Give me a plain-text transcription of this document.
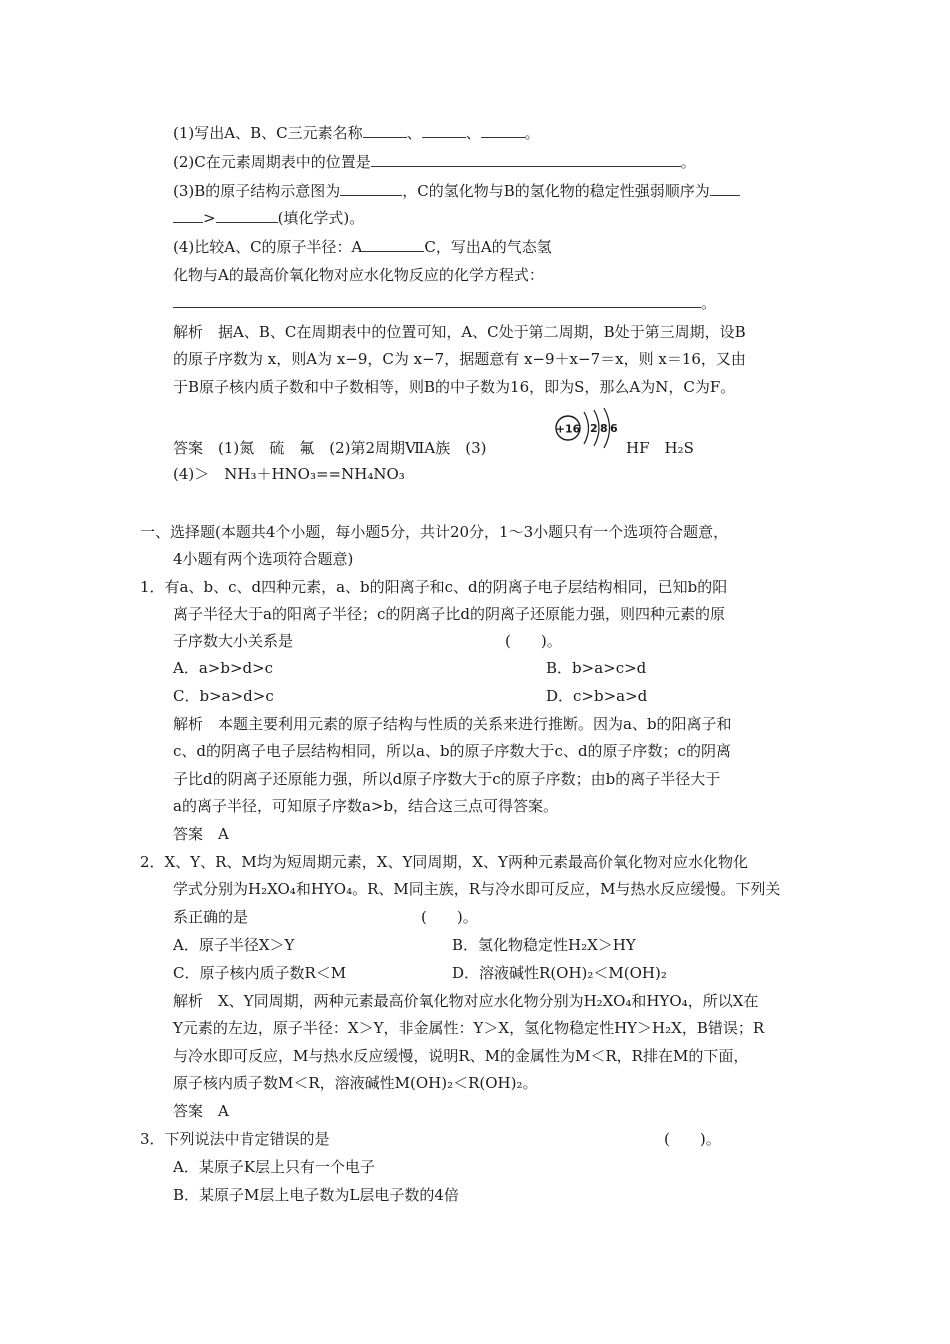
(1)写出A、B、C三元素名称	、	、	。
(2)C在元素周期表中的位置是	。
(3)B的原子结构示意图为	，C的氢化物与B的氢化物的稳定性强弱顺序为
>	(填化学式)。
(4)比较A、C的原子半径：A	C，写出A的气态氢
化物与A的最高价氧化物对应水化物反应的化学方程式：
。
解析　据A、B、C在周期表中的位置可知，A、C处于第二周期，B处于第三周期，设B
的原子序数为 x，则A为 x−9，C为 x−7，据题意有 x−9＋x−7＝x，则 x＝16，又由
于B原子核内质子数和中子数相等，则B的中子数为16，即为S，那么A为N，C为F。
答案　(1)氮　硫　氟　(2)第2周期ⅦA族　(3)
+16 2 8 6
HF　H₂S
(4)＞　NH₃＋HNO₃==NH₄NO₃
一、选择题(本题共4个小题，每小题5分，共计20分，1～3小题只有一个选项符合题意，
4小题有两个选项符合题意)
1．有a、b、c、d四种元素，a、b的阳离子和c、d的阴离子电子层结构相同，已知b的阳
离子半径大于a的阳离子半径；c的阴离子比d的阴离子还原能力强，则四种元素的原
子序数大小关系是	(　　)。
A．a>b>d>c	B．b>a>c>d
C．b>a>d>c	D．c>b>a>d
解析　本题主要利用元素的原子结构与性质的关系来进行推断。因为a、b的阳离子和
c、d的阴离子电子层结构相同，所以a、b的原子序数大于c、d的原子序数；c的阴离
子比d的阴离子还原能力强，所以d原子序数大于c的原子序数；由b的离子半径大于
a的离子半径，可知原子序数a>b，结合这三点可得答案。
答案　A
2．X、Y、R、M均为短周期元素，X、Y同周期，X、Y两种元素最高价氧化物对应水化物化
学式分别为H₂XO₄和HYO₄。R、M同主族，R与冷水即可反应，M与热水反应缓慢。下列关
系正确的是	(　　)。
A．原子半径X＞Y	B．氢化物稳定性H₂X＞HY
C．原子核内质子数R＜M	D．溶液碱性R(OH)₂＜M(OH)₂
解析　X、Y同周期，两种元素最高价氧化物对应水化物分别为H₂XO₄和HYO₄，所以X在
Y元素的左边，原子半径：X＞Y，非金属性：Y＞X，氢化物稳定性HY＞H₂X，B错误；R
与冷水即可反应，M与热水反应缓慢，说明R、M的金属性为M＜R，R排在M的下面，
原子核内质子数M＜R，溶液碱性M(OH)₂＜R(OH)₂。
答案　A
3．下列说法中肯定错误的是	(　　)。
A．某原子K层上只有一个电子
B．某原子M层上电子数为L层电子数的4倍
